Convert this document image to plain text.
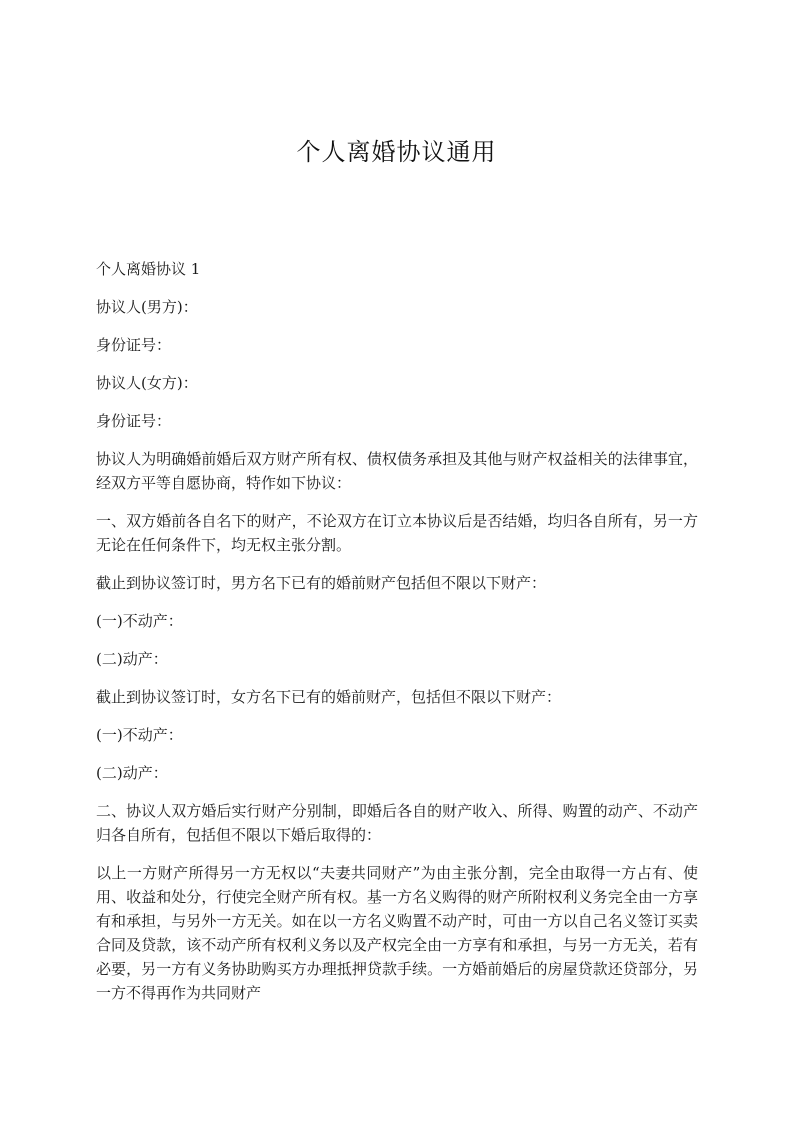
个人离婚协议通用

个人离婚协议 1

协议人(男方)：

身份证号：

协议人(女方)：

身份证号：

协议人为明确婚前婚后双方财产所有权、债权债务承担及其他与财产权益相关的法律事宜，经双方平等自愿协商，特作如下协议：

一、双方婚前各自名下的财产，不论双方在订立本协议后是否结婚，均归各自所有，另一方无论在任何条件下，均无权主张分割。

截止到协议签订时，男方名下已有的婚前财产包括但不限以下财产：

(一)不动产：

(二)动产：

截止到协议签订时，女方名下已有的婚前财产，包括但不限以下财产：

(一)不动产：

(二)动产：

二、协议人双方婚后实行财产分别制，即婚后各自的财产收入、所得、购置的动产、不动产归各自所有，包括但不限以下婚后取得的：

以上一方财产所得另一方无权以“夫妻共同财产”为由主张分割，完全由取得一方占有、使用、收益和处分，行使完全财产所有权。基一方名义购得的财产所附权利义务完全由一方享有和承担，与另外一方无关。如在以一方名义购置不动产时，可由一方以自己名义签订买卖合同及贷款，该不动产所有权利义务以及产权完全由一方享有和承担，与另一方无关，若有必要，另一方有义务协助购买方办理抵押贷款手续。一方婚前婚后的房屋贷款还贷部分，另一方不得再作为共同财产
